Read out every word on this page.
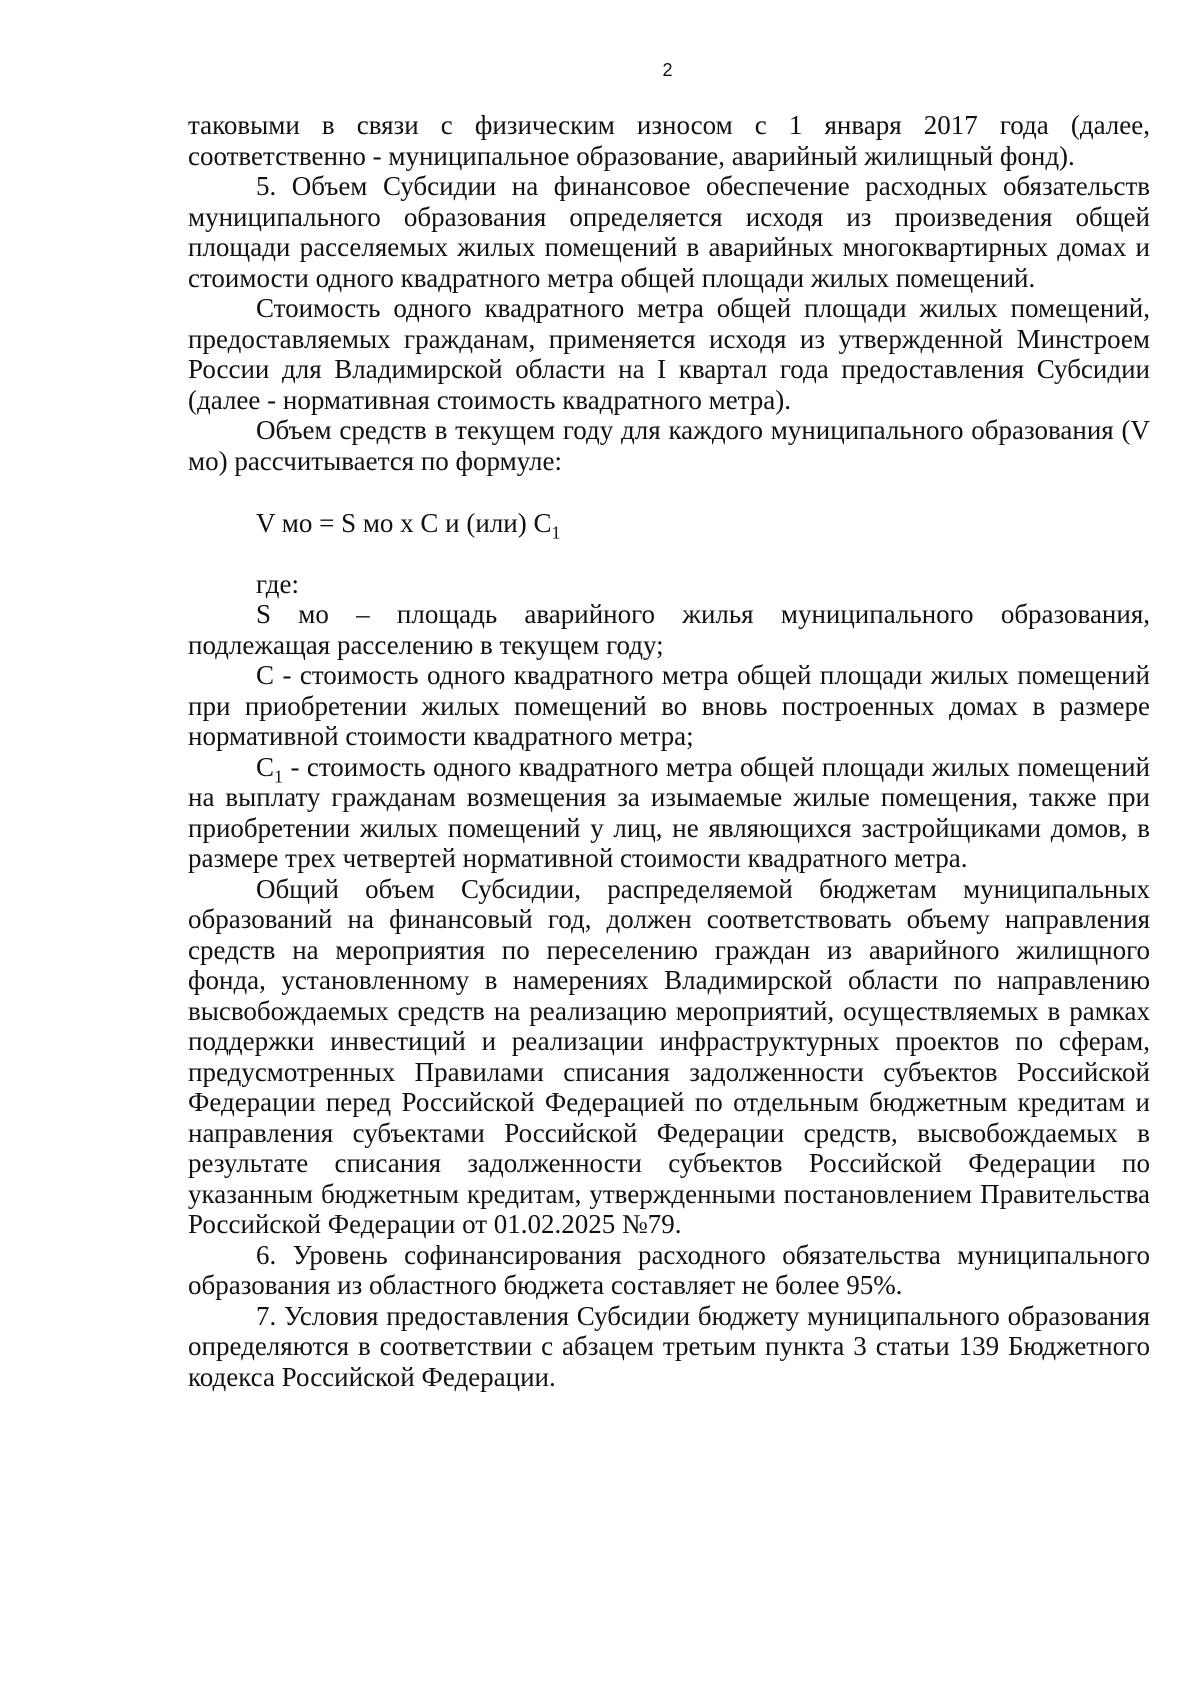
2

таковыми в связи с физическим износом с 1 января 2017 года (далее, соответственно - муниципальное образование, аварийный жилищный фонд).

5. Объем Субсидии на финансовое обеспечение расходных обязательств муниципального образования определяется исходя из произведения общей площади расселяемых жилых помещений в аварийных многоквартирных домах и стоимости одного квадратного метра общей площади жилых помещений.

Стоимость одного квадратного метра общей площади жилых помещений, предоставляемых гражданам, применяется исходя из утвержденной Минстроем России для Владимирской области на I квартал года предоставления Субсидии (далее - нормативная стоимость квадратного метра).

Объем средств в текущем году для каждого муниципального образования (V мо) рассчитывается по формуле:

V мо = S мо x C и (или) $C_1$

где:

S мо – площадь аварийного жилья муниципального образования, подлежащая расселению в текущем году;

С - стоимость одного квадратного метра общей площади жилых помещений при приобретении жилых помещений во вновь построенных домах в размере нормативной стоимости квадратного метра;

$С_1$ - стоимость одного квадратного метра общей площади жилых помещений на выплату гражданам возмещения за изымаемые жилые помещения, также при приобретении жилых помещений у лиц, не являющихся застройщиками домов, в размере трех четвертей нормативной стоимости квадратного метра.

Общий объем Субсидии, распределяемой бюджетам муниципальных образований на финансовый год, должен соответствовать объему направления средств на мероприятия по переселению граждан из аварийного жилищного фонда, установленному в намерениях Владимирской области по направлению высвобождаемых средств на реализацию мероприятий, осуществляемых в рамках поддержки инвестиций и реализации инфраструктурных проектов по сферам, предусмотренных Правилами списания задолженности субъектов Российской Федерации перед Российской Федерацией по отдельным бюджетным кредитам и направления субъектами Российской Федерации средств, высвобождаемых в результате списания задолженности субъектов Российской Федерации по указанным бюджетным кредитам, утвержденными постановлением Правительства Российской Федерации от 01.02.2025 №79.

6. Уровень софинансирования расходного обязательства муниципального образования из областного бюджета составляет не более 95%.

7. Условия предоставления Субсидии бюджету муниципального образования определяются в соответствии с абзацем третьим пункта 3 статьи 139 Бюджетного кодекса Российской Федерации.
